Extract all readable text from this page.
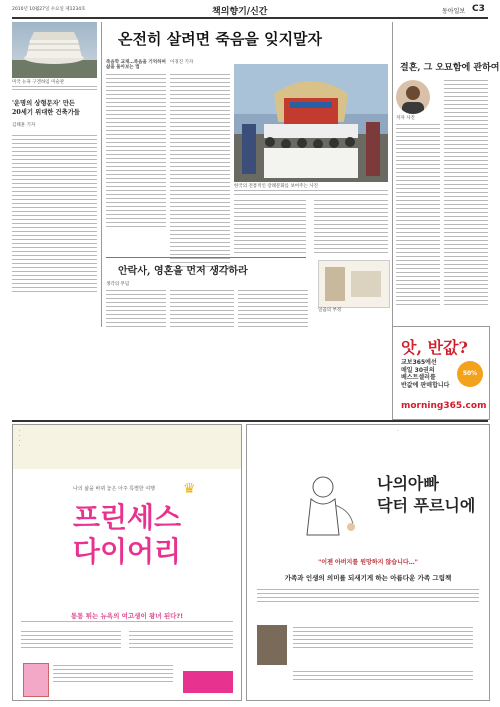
2010년 10월27일 수요일 제1234호	책의향기/신간	동아일보 C3
미국 뉴욕 구겐하임 미술관
'운명의 상형문자' 만든
20세기 위대한 건축가들
김태훈 기자
온전히 살려면 죽음을 잊지말자
죽음학 교재…죽음을 기억하며
삶을 돌아보는 법
이경진 기자
한국의 전통적인 장례문화를 보여주는 사진
안락사, 영혼을 먼저 생각하라
생각의 무덤
일곱의 부정
결혼, 그 오묘함에 관하여
저자 사진
앗, 반값?
교보365에선
매일 30권의
베스트셀러를
반값에 판매합니다
50%
morning365.com
·
·
·
·
나의 삶을 바꿔 놓은 아주 특별한 여행
프린세스
다이어리
♛
통통 튀는 뉴욕의 여고생이 왕녀 된다?!
·
나의아빠
닥터 푸르니에
"이젠 아버지를 원망하지 않습니다…"
가족과 인생의 의미를 되새기게 하는 아름다운 가족 그림책
